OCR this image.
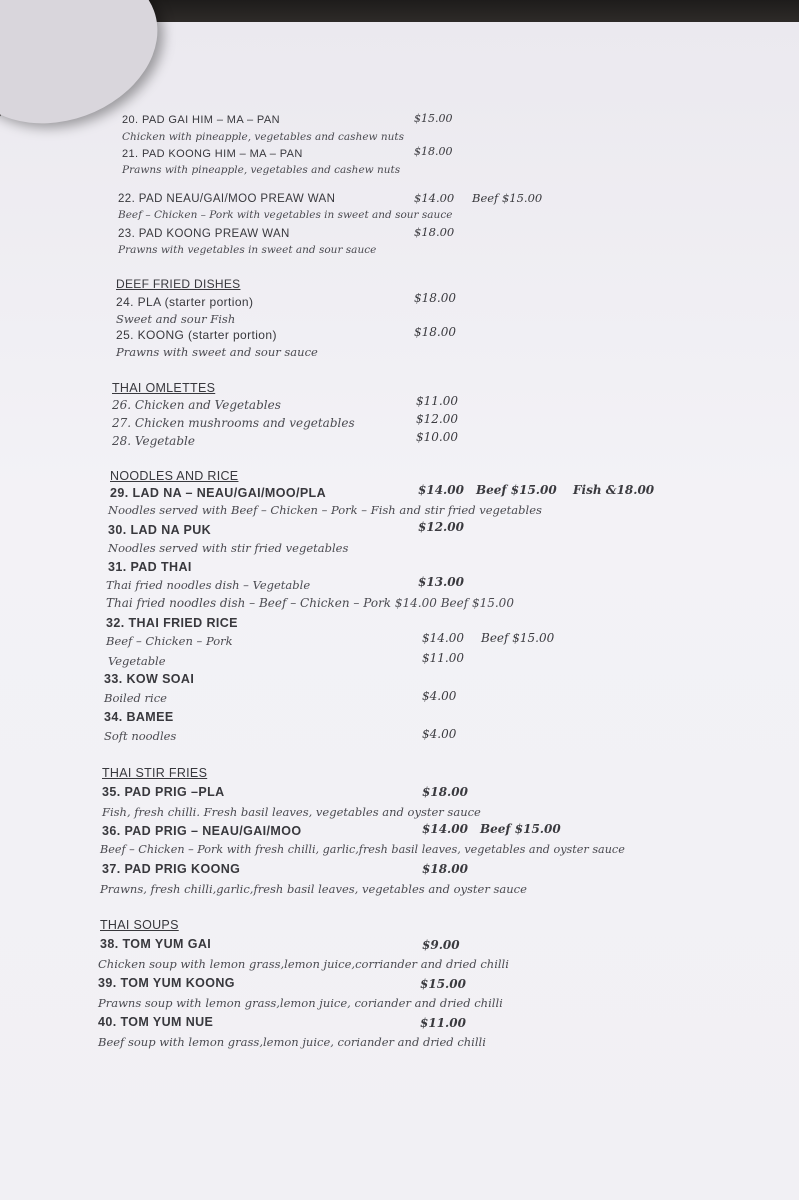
20. PAD GAI HIM – MA – PAN	$15.00
Chicken with pineapple, vegetables and cashew nuts
21. PAD KOONG HIM – MA – PAN	$18.00
Prawns with pineapple, vegetables and cashew nuts
22. PAD NEAU/GAI/MOO PREAW WAN	$14.00 Beef $15.00
Beef – Chicken – Pork with vegetables in sweet and sour sauce
23. PAD KOONG PREAW WAN	$18.00
Prawns with vegetables in sweet and sour sauce
DEEF FRIED DISHES
24. PLA (starter portion)	$18.00
Sweet and sour Fish
25. KOONG (starter portion)	$18.00
Prawns with sweet and sour sauce
THAI OMLETTES
26. Chicken and Vegetables	$11.00
27. Chicken mushrooms and vegetables	$12.00
28. Vegetable	$10.00
NOODLES AND RICE
29. LAD NA – NEAU/GAI/MOO/PLA	$14.00 Beef $15.00 Fish &18.00
Noodles served with Beef – Chicken – Pork – Fish and stir fried vegetables
30. LAD NA PUK	$12.00
Noodles served with stir fried vegetables
31. PAD THAI
Thai fried noodles dish – Vegetable	$13.00
Thai fried noodles dish – Beef – Chicken – Pork $14.00 Beef $15.00
32. THAI FRIED RICE
Beef – Chicken – Pork	$14.00 Beef $15.00
Vegetable	$11.00
33. KOW SOAI
Boiled rice	$4.00
34. BAMEE
Soft noodles	$4.00
THAI STIR FRIES
35. PAD PRIG –PLA	$18.00
Fish, fresh chilli. Fresh basil leaves, vegetables and oyster sauce
36. PAD PRIG – NEAU/GAI/MOO	$14.00 Beef $15.00
Beef – Chicken – Pork with fresh chilli, garlic,fresh basil leaves, vegetables and oyster sauce
37. PAD PRIG KOONG	$18.00
Prawns, fresh chilli,garlic,fresh basil leaves, vegetables and oyster sauce
THAI SOUPS
38. TOM YUM GAI	$9.00
Chicken soup with lemon grass,lemon juice,corriander and dried chilli
39. TOM YUM KOONG	$15.00
Prawns soup with lemon grass,lemon juice, coriander and dried chilli
40. TOM YUM NUE	$11.00
Beef soup with lemon grass,lemon juice, coriander and dried chilli
